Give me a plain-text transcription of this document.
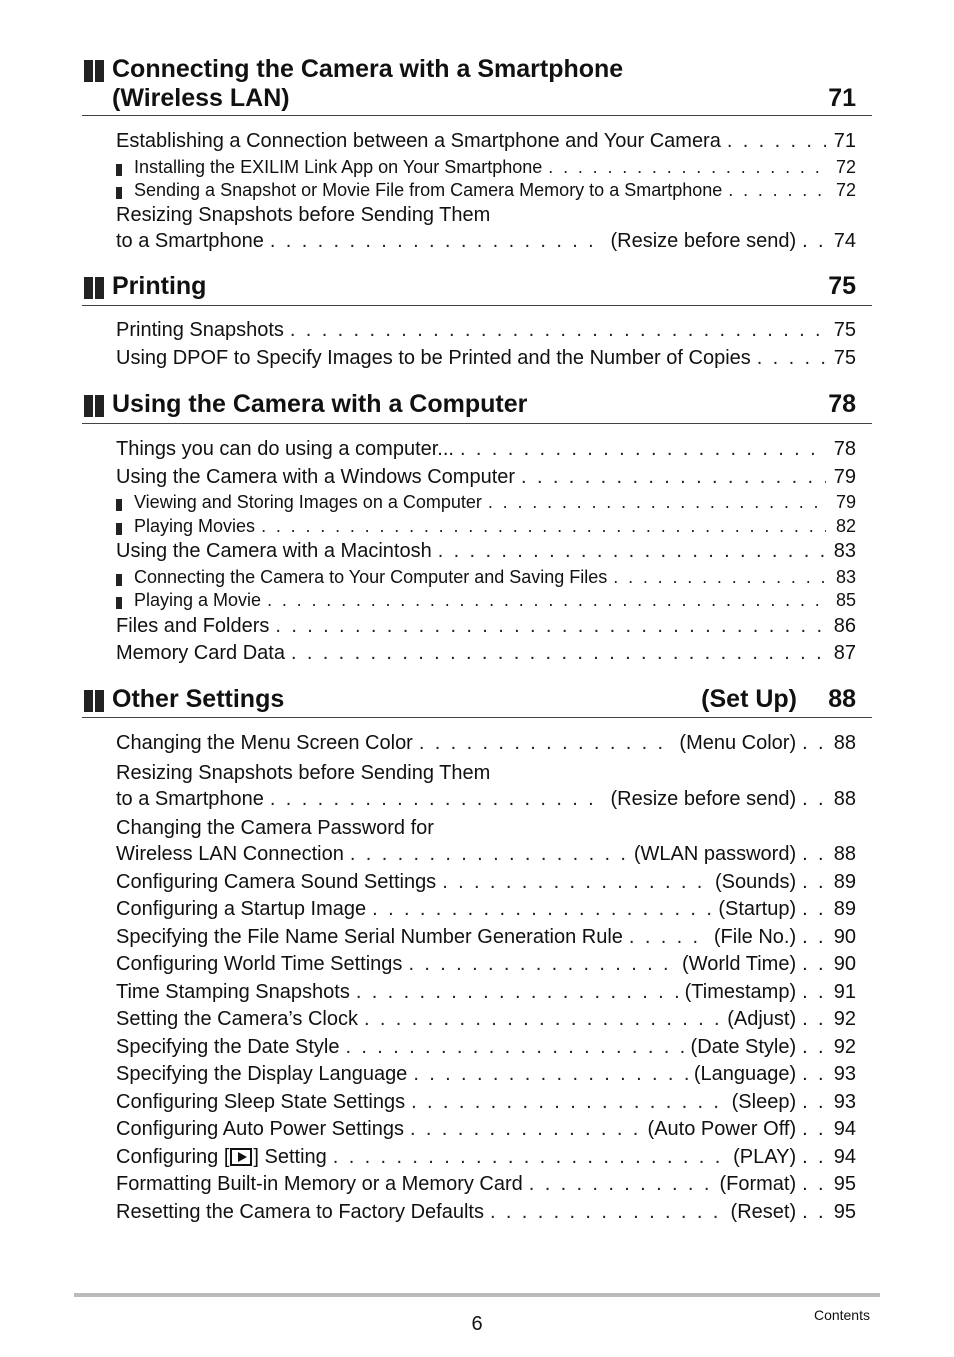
Connecting the Camera with a Smartphone
(Wireless LAN)	71
Establishing a Connection between a Smartphone and Your Camera . . .	71
Installing the EXILIM Link App on Your Smartphone . . .	72
Sending a Snapshot or Movie File from Camera Memory to a Smartphone . . .	72
Resizing Snapshots before Sending Them
to a Smartphone . . .	(Resize before send) . . 74
Printing	75
Printing Snapshots . . .	75
Using DPOF to Specify Images to be Printed and the Number of Copies . . .	75
Using the Camera with a Computer	78
Things you can do using a computer... . . .	78
Using the Camera with a Windows Computer . . .	79
Viewing and Storing Images on a Computer . . .	79
Playing Movies . . .	82
Using the Camera with a Macintosh . . .	83
Connecting the Camera to Your Computer and Saving Files . . .	83
Playing a Movie . . .	85
Files and Folders . . .	86
Memory Card Data . . .	87
Other Settings	(Set Up) 88
Changing the Menu Screen Color . . .	(Menu Color) . . 88
Resizing Snapshots before Sending Them
to a Smartphone . . .	(Resize before send) . . 88
Changing the Camera Password for
Wireless LAN Connection . . .	(WLAN password) . . 88
Configuring Camera Sound Settings . . .	(Sounds) . . 89
Configuring a Startup Image . . .	(Startup) . . 89
Specifying the File Name Serial Number Generation Rule . . .	(File No.) . . 90
Configuring World Time Settings . . .	(World Time) . . 90
Time Stamping Snapshots . . .	(Timestamp) . . 91
Setting the Camera’s Clock . . .	(Adjust) . . 92
Specifying the Date Style . . .	(Date Style) . . 92
Specifying the Display Language . . .	(Language) . . 93
Configuring Sleep State Settings . . .	(Sleep) . . 93
Configuring Auto Power Settings . . .	(Auto Power Off) . . 94
Configuring [ ] Setting . . .	(PLAY) . . 94
Formatting Built-in Memory or a Memory Card . . .	(Format) . . 95
Resetting the Camera to Factory Defaults . . .	(Reset) . . 95
6	Contents
